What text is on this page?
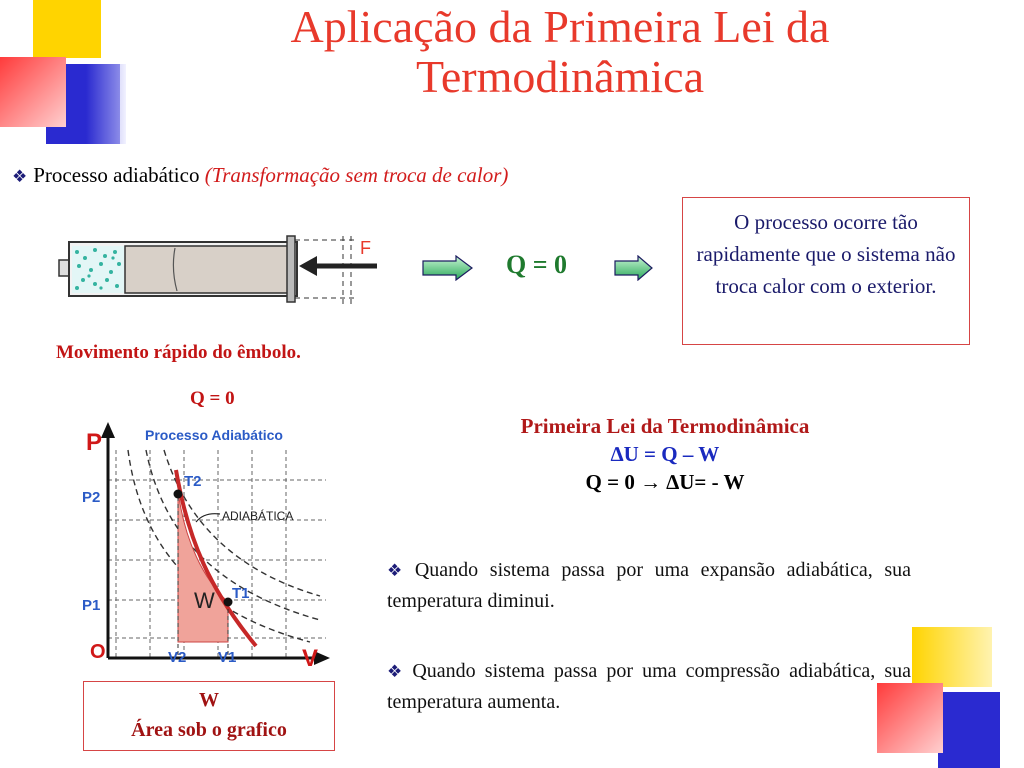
Aplicação da Primeira Lei da
Termodinâmica
❖ Processo adiabático (Transformação sem troca de calor)
F
Q = 0
O processo ocorre tão rapidamente que o sistema não troca calor com o exterior.
Movimento rápido do êmbolo.
Q = 0
Processo Adiabático
P
V
O
P2
P1
V2 V1
T2
T1
ADIABÁTICA
W
Primeira Lei da Termodinâmica
∆U = Q – W
Q = 0 → ∆U= - W
❖ Quando sistema passa por uma expansão adiabática, sua temperatura diminui.
❖ Quando sistema passa por uma compressão adiabática, sua temperatura aumenta.
W
Área sob o grafico
